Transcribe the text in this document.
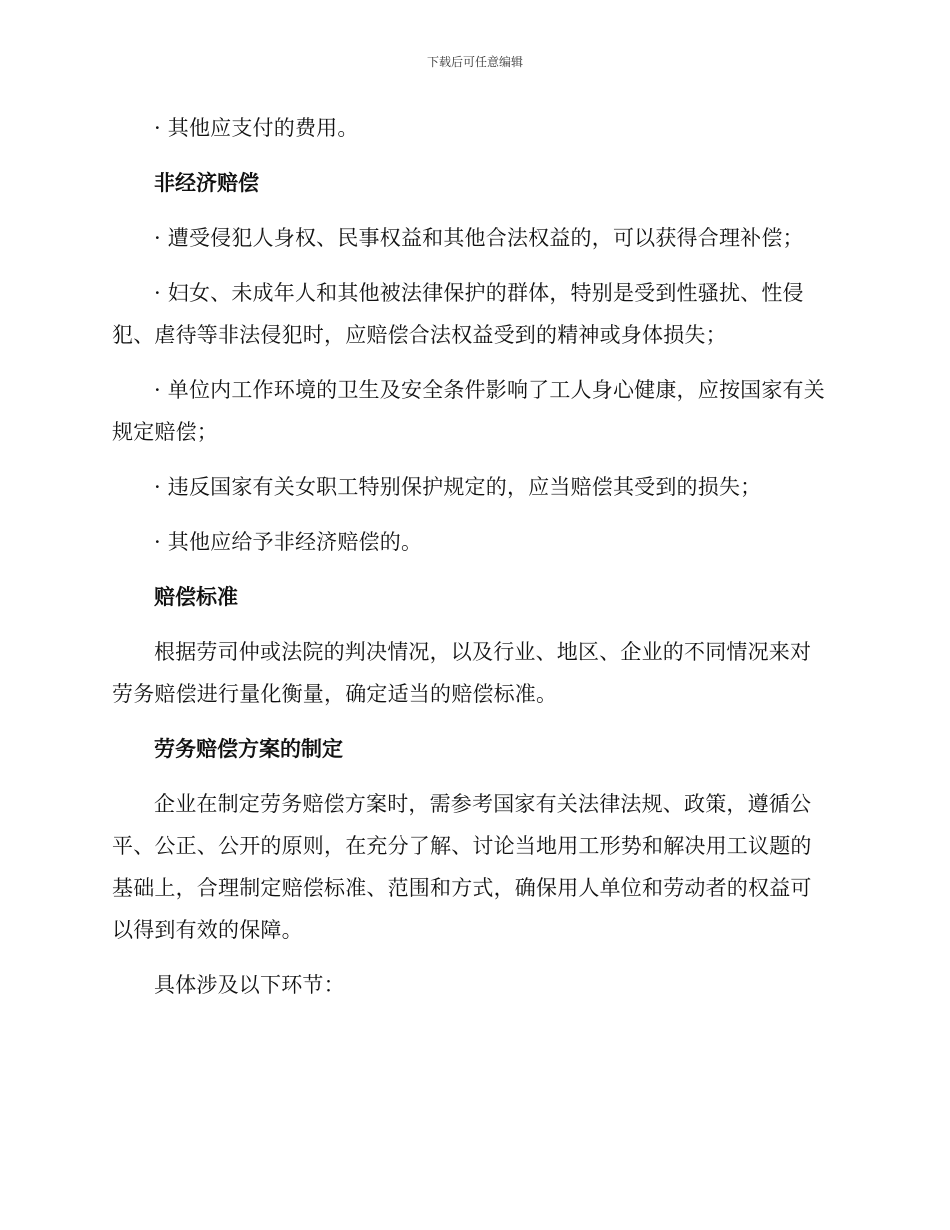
下载后可任意编辑

· 其他应支付的费用。

非经济赔偿

· 遭受侵犯人身权、民事权益和其他合法权益的，可以获得合理补偿；

· 妇女、未成年人和其他被法律保护的群体，特别是受到性骚扰、性侵犯、虐待等非法侵犯时，应赔偿合法权益受到的精神或身体损失；

· 单位内工作环境的卫生及安全条件影响了工人身心健康，应按国家有关规定赔偿；

· 违反国家有关女职工特别保护规定的，应当赔偿其受到的损失；

· 其他应给予非经济赔偿的。

赔偿标准

根据劳司仲或法院的判决情况，以及行业、地区、企业的不同情况来对劳务赔偿进行量化衡量，确定适当的赔偿标准。

劳务赔偿方案的制定

企业在制定劳务赔偿方案时，需参考国家有关法律法规、政策，遵循公平、公正、公开的原则，在充分了解、讨论当地用工形势和解决用工议题的基础上，合理制定赔偿标准、范围和方式，确保用人单位和劳动者的权益可以得到有效的保障。

具体涉及以下环节：
